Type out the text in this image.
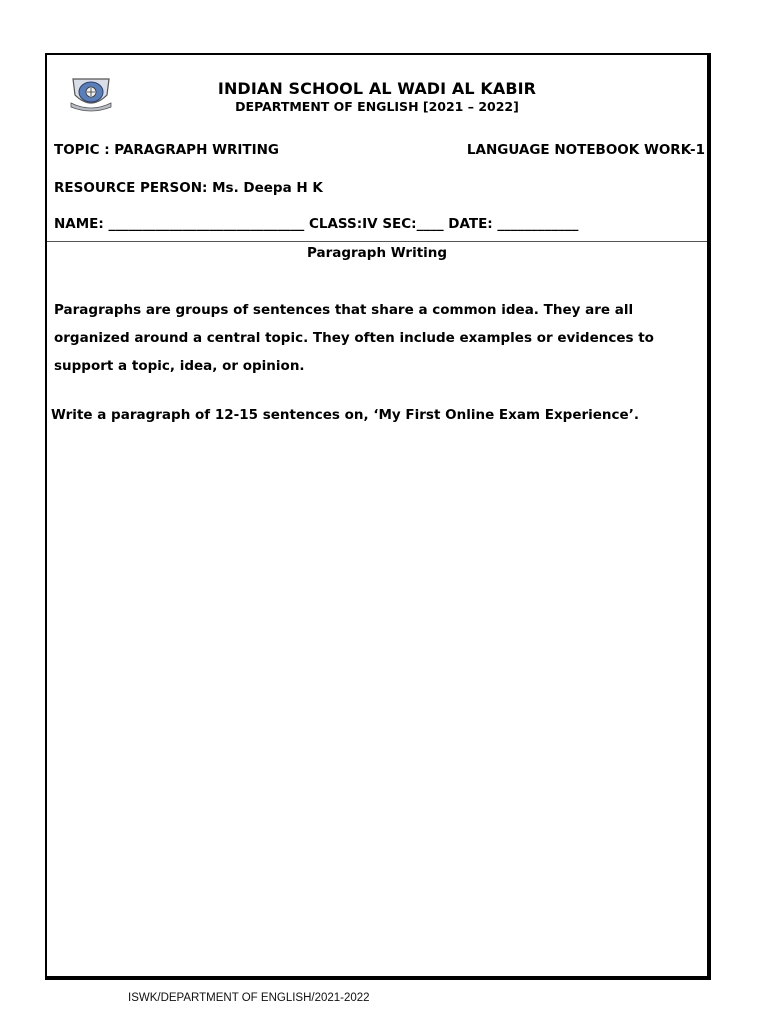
INDIAN SCHOOL AL WADI AL KABIR
DEPARTMENT OF ENGLISH [2021 – 2022]
TOPIC : PARAGRAPH WRITING	LANGUAGE NOTEBOOK WORK-1
RESOURCE PERSON: Ms. Deepa H K
NAME: _____________________________ CLASS:IV SEC:____ DATE: ____________
Paragraph Writing
Paragraphs are groups of sentences that share a common idea. They are all organized around a central topic. They often include examples or evidences to support a topic, idea, or opinion.
Write a paragraph of 12-15 sentences on, ‘My First Online Exam Experience’.
ISWK/DEPARTMENT OF ENGLISH/2021-2022
